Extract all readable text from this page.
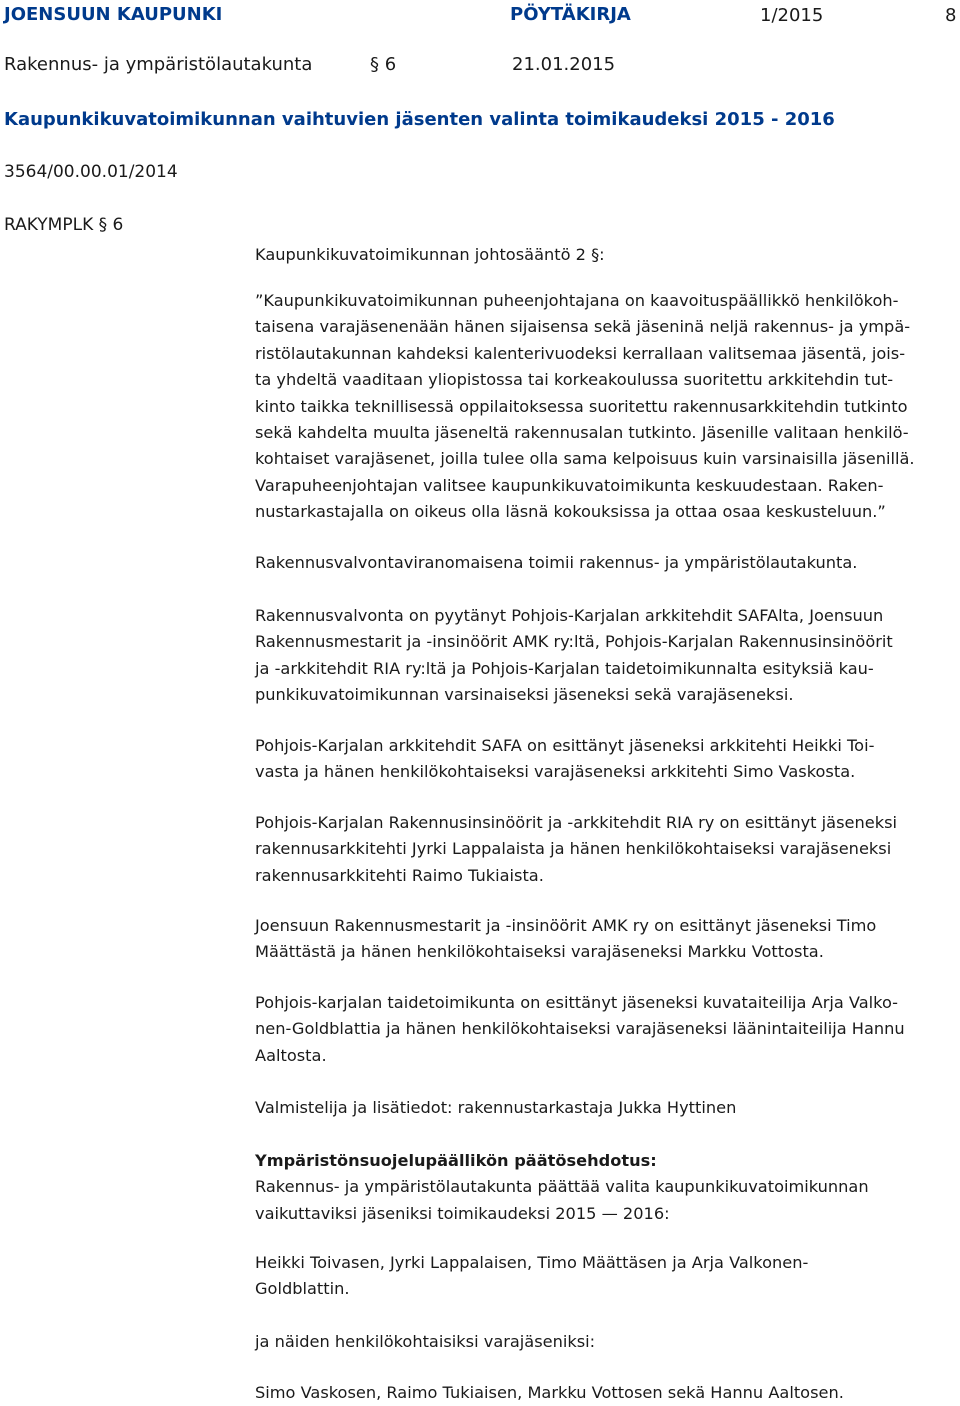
JOENSUUN KAUPUNKI	PÖYTÄKIRJA	1/2015	8
Rakennus- ja ympäristölautakunta	§ 6	21.01.2015
Kaupunkikuvatoimikunnan vaihtuvien jäsenten valinta toimikaudeksi 2015 - 2016
3564/00.00.01/2014
RAKYMPLK § 6

Kaupunkikuvatoimikunnan johtosääntö 2 §:

”Kaupunkikuvatoimikunnan puheenjohtajana on kaavoituspäällikkö henkilökoh-
taisena varajäsenenään hänen sijaisensa sekä jäseninä neljä rakennus- ja ympä-
ristölautakunnan kahdeksi kalenterivuodeksi kerrallaan valitsemaa jäsentä, jois-
ta yhdeltä vaaditaan yliopistossa tai korkeakoulussa suoritettu arkkitehdin tut-
kinto taikka teknillisessä oppilaitoksessa suoritettu rakennusarkkitehdin tutkinto
sekä kahdelta muulta jäseneltä rakennusalan tutkinto. Jäsenille valitaan henkilö-
kohtaiset varajäsenet, joilla tulee olla sama kelpoisuus kuin varsinaisilla jäsenillä.
Varapuheenjohtajan valitsee kaupunkikuvatoimikunta keskuudestaan. Raken-
nustarkastajalla on oikeus olla läsnä kokouksissa ja ottaa osaa keskusteluun.”
Rakennusvalvontaviranomaisena toimii rakennus- ja ympäristölautakunta.
Rakennusvalvonta on pyytänyt Pohjois-Karjalan arkkitehdit SAFAlta, Joensuun
Rakennusmestarit ja -insinöörit AMK ry:ltä, Pohjois-Karjalan Rakennusinsinöörit
ja -arkkitehdit RIA ry:ltä ja Pohjois-Karjalan taidetoimikunnalta esityksiä kau-
punkikuvatoimikunnan varsinaiseksi jäseneksi sekä varajäseneksi.
Pohjois-Karjalan arkkitehdit SAFA on esittänyt jäseneksi arkkitehti Heikki Toi-
vasta ja hänen henkilökohtaiseksi varajäseneksi arkkitehti Simo Vaskosta.
Pohjois-Karjalan Rakennusinsinöörit ja -arkkitehdit RIA ry on esittänyt jäseneksi
rakennusarkkitehti Jyrki Lappalaista ja hänen henkilökohtaiseksi varajäseneksi
rakennusarkkitehti Raimo Tukiaista.
Joensuun Rakennusmestarit ja -insinöörit AMK ry on esittänyt jäseneksi Timo
Määttästä ja hänen henkilökohtaiseksi varajäseneksi Markku Vottosta.
Pohjois-karjalan taidetoimikunta on esittänyt jäseneksi kuvataiteilija Arja Valko-
nen-Goldblattia ja hänen henkilökohtaiseksi varajäseneksi läänintaiteilija Hannu
Aaltosta.
Valmistelija ja lisätiedot: rakennustarkastaja Jukka Hyttinen
Ympäristönsuojelupäällikön päätösehdotus:
Rakennus- ja ympäristölautakunta päättää valita kaupunkikuvatoimikunnan
vaikuttaviksi jäseniksi toimikaudeksi 2015 — 2016:
Heikki Toivasen, Jyrki Lappalaisen, Timo Määttäsen ja Arja Valkonen-
Goldblattin.
ja näiden henkilökohtaisiksi varajäseniksi:
Simo Vaskosen, Raimo Tukiaisen, Markku Vottosen sekä Hannu Aaltosen.
